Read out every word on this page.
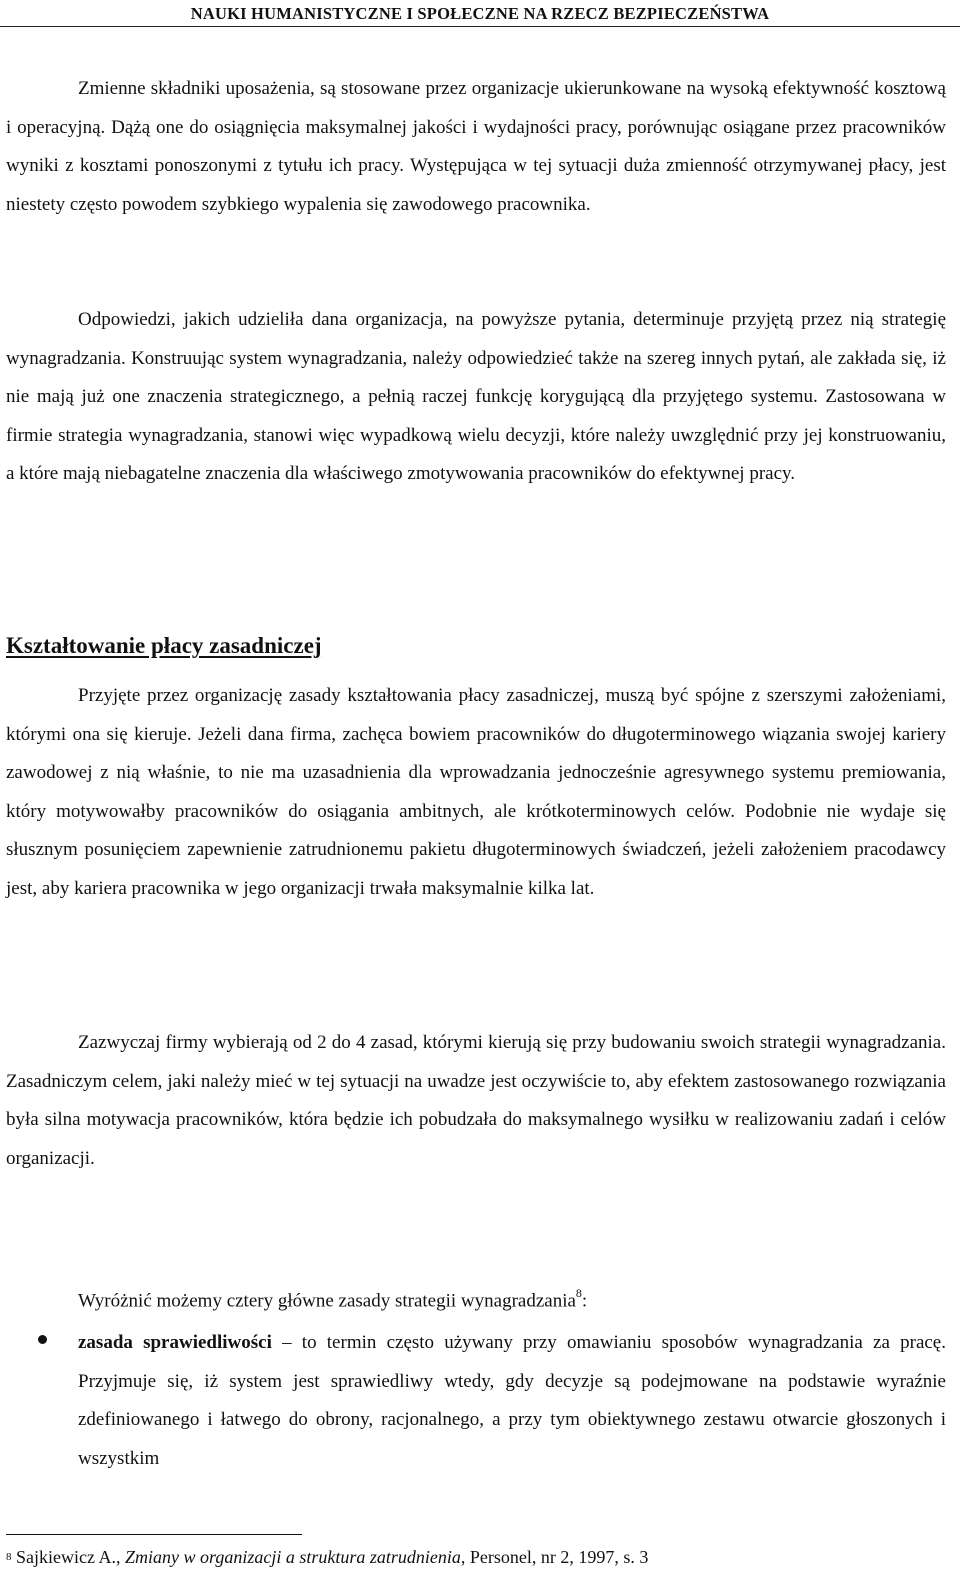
NAUKI HUMANISTYCZNE I SPOŁECZNE NA RZECZ BEZPIECZEŃSTWA

Zmienne składniki uposażenia, są stosowane przez organizacje ukierunkowane na wysoką efektywność kosztową i operacyjną. Dążą one do osiągnięcia maksymalnej jakości i wydajności pracy, porównując osiągane przez pracowników wyniki z kosztami ponoszonymi z tytułu ich pracy. Występująca w tej sytuacji duża zmienność otrzymywanej płacy, jest niestety często powodem szybkiego wypalenia się zawodowego pracownika.

Odpowiedzi, jakich udzieliła dana organizacja, na powyższe pytania, determinuje przyjętą przez nią strategię wynagradzania. Konstruując system wynagradzania, należy odpowiedzieć także na szereg innych pytań, ale zakłada się, iż nie mają już one znaczenia strategicznego, a pełnią raczej funkcję korygującą dla przyjętego systemu. Zastosowana w firmie strategia wynagradzania, stanowi więc wypadkową wielu decyzji, które należy uwzględnić przy jej konstruowaniu, a które mają niebagatelne znaczenia dla właściwego zmotywowania pracowników do efektywnej pracy.

Kształtowanie płacy zasadniczej

Przyjęte przez organizację zasady kształtowania płacy zasadniczej, muszą być spójne z szerszymi założeniami, którymi ona się kieruje. Jeżeli dana firma, zachęca bowiem pracowników do długoterminowego wiązania swojej kariery zawodowej z nią właśnie, to nie ma uzasadnienia dla wprowadzania jednocześnie agresywnego systemu premiowania, który motywowałby pracowników do osiągania ambitnych, ale krótkoterminowych celów. Podobnie nie wydaje się słusznym posunięciem zapewnienie zatrudnionemu pakietu długoterminowych świadczeń, jeżeli założeniem pracodawcy jest, aby kariera pracownika w jego organizacji trwała maksymalnie kilka lat.

Zazwyczaj firmy wybierają od 2 do 4 zasad, którymi kierują się przy budowaniu swoich strategii wynagradzania. Zasadniczym celem, jaki należy mieć w tej sytuacji na uwadze jest oczywiście to, aby efektem zastosowanego rozwiązania była silna motywacja pracowników, która będzie ich pobudzała do maksymalnego wysiłku w realizowaniu zadań i celów organizacji.

Wyróżnić możemy cztery główne zasady strategii wynagradzania$^8$:

zasada sprawiedliwości – to termin często używany przy omawianiu sposobów wynagradzania za pracę. Przyjmuje się, iż system jest sprawiedliwy wtedy, gdy decyzje są podejmowane na podstawie wyraźnie zdefiniowanego i łatwego do obrony, racjonalnego, a przy tym obiektywnego zestawu otwarcie głoszonych i wszystkim
$^8$ Sajkiewicz A., Zmiany w organizacji a struktura zatrudnienia, Personel, nr 2, 1997, s. 3
